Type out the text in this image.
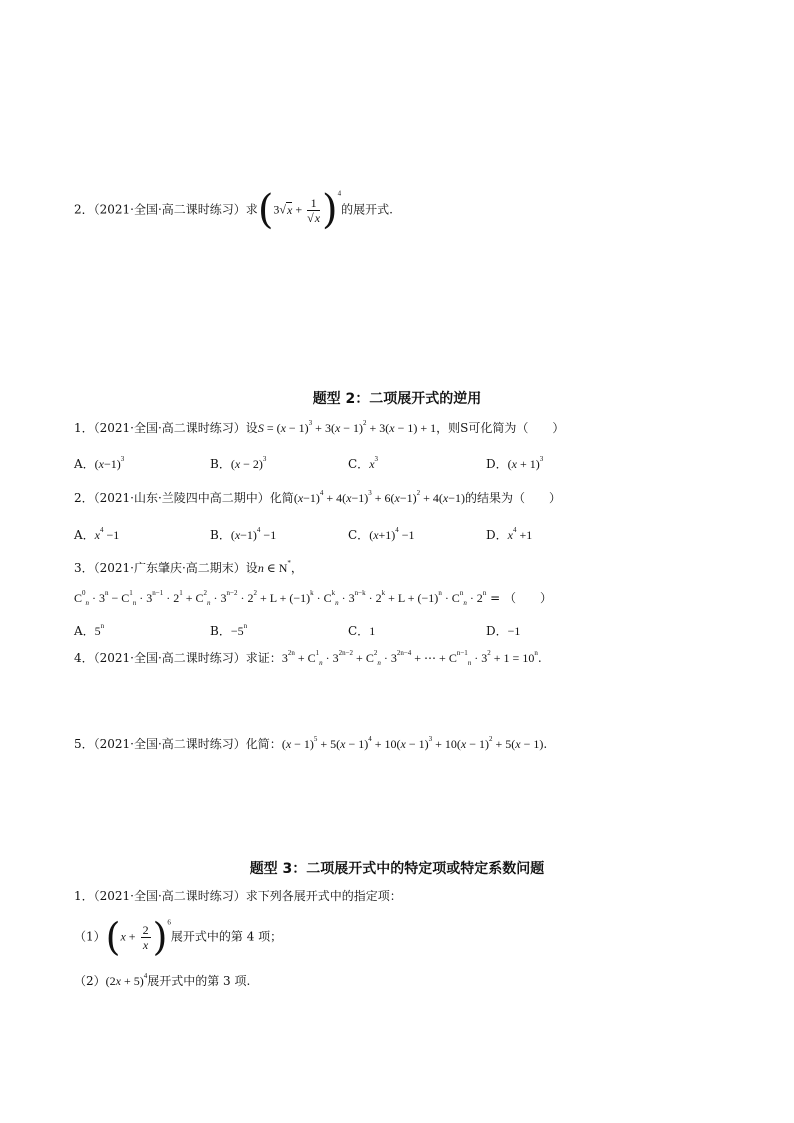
2．（2021·全国·高二课时练习）求$(3√x + \frac{1}{√x} )^4$的展开式.
题型 2：二项展开式的逆用
1．（2021·全国·高二课时练习）设$S = (x - 1)^3 + 3(x - 1)^2 + 3(x - 1) + 1$，则S可化简为（　　）
A．$(x-1)^3$	B．$(x - 2)^3$	C．$x^3$	D．$(x + 1)^3$
2．（2021·山东·兰陵四中高二期中）化简$(x-1)^4 + 4(x-1)^3 + 6(x-1)^2 + 4(x-1)$的结果为（　　）
A．$x^4 -1$	B．$(x-1)^4 -1$	C．$(x+1)^4 -1$	D．$x^4 +1$
3．（2021·广东肇庆·高二期末）设n ∈ N*，
$C^0_n \cdot 3^n - C^1_n \cdot 3^{n-1} \cdot 2^1 + C^2_n \cdot 3^{n-2} \cdot 2^2 + L + (-1)^k \cdot C^k_n \cdot 3^{n-k} \cdot 2^k + L + (-1)^n \cdot C^n_n \cdot 2^n$ = （　　）
A．5$^n$	B．$-5^n$	C．1	D．−1
4．（2021·全国·高二课时练习）求证：$3^{2n} + C^1_n \cdot 3^{2n-2} + C^2_n \cdot 3^{2n-4}$ + ⋯ + $C^{n-1}_n \cdot 3^2 + 1 = 10^n$.
5．（2021·全国·高二课时练习）化简：$(x - 1)^5 + 5(x - 1)^4 + 10(x - 1)^3 + 10(x - 1)^2 + 5(x - 1)$.
题型 3：二项展开式中的特定项或特定系数问题
1．（2021·全国·高二课时练习）求下列各展开式中的指定项：
$(1)(x + \frac{2}{x} )^6$展开式中的第 4 项；
$(2)(2x + 5)^4$展开式中的第 3 项.
